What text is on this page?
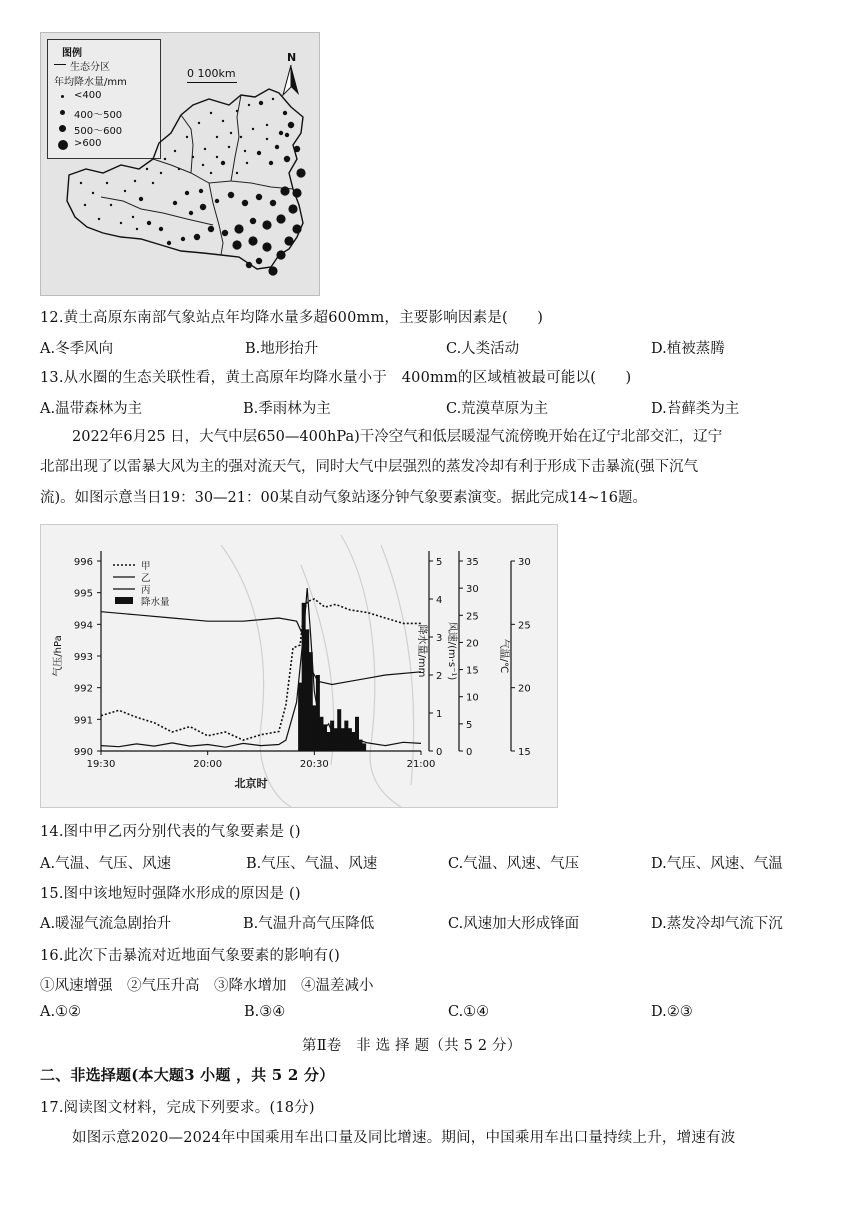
图例
生态分区
年均降水量/mm
<400
400～500
500～600
>600
0 100km
N
12.黄土高原东南部气象站点年均降水量多超600mm，主要影响因素是(　　)
A.冬季风向	B.地形抬升	C.人类活动	D.植被蒸腾
13.从水圈的生态关联性看，黄土高原年均降水量小于　400mm的区域植被最可能以(　　)
A.温带森林为主	B.季雨林为主	C.荒漠草原为主	D.苔藓类为主
2022年6月25 日，大气中层650—400hPa)干冷空气和低层暖湿气流傍晚开始在辽宁北部交汇，辽宁
北部出现了以雷暴大风为主的强对流天气，同时大气中层强烈的蒸发冷却有利于形成下击暴流(强下沉气
流)。如图示意当日19：30—21：00某自动气象站逐分钟气象要素演变。据此完成14~16题。
990
991
992
993
994
995
996
气压/hPa
19:30	20:00	20:30	21:00
北京时
0
1
2
3
4
5
降水量/mm
0
5
10
15
20
25
30
35
风速/(m·s⁻¹)
15
20
25
30
气温/℃
甲
乙
丙
降水量
14.图中甲乙丙分别代表的气象要素是 ()
A.气温、气压、风速	B.气压、气温、风速	C.气温、风速、气压	D.气压、风速、气温
15.图中该地短时强降水形成的原因是 ()
A.暖湿气流急剧抬升	B.气温升高气压降低	C.风速加大形成锋面	D.蒸发冷却气流下沉
16.此次下击暴流对近地面气象要素的影响有()
①风速增强　②气压升高　③降水增加　④温差减小
A.①②	B.③④	C.①④	D.②③
第Ⅱ卷　非 选 择 题（共 5 2 分）
二、非选择题(本大题3 小题 ，共 5 2 分）
17.阅读图文材料，完成下列要求。(18分)
如图示意2020—2024年中国乘用车出口量及同比增速。期间，中国乘用车出口量持续上升，增速有波
